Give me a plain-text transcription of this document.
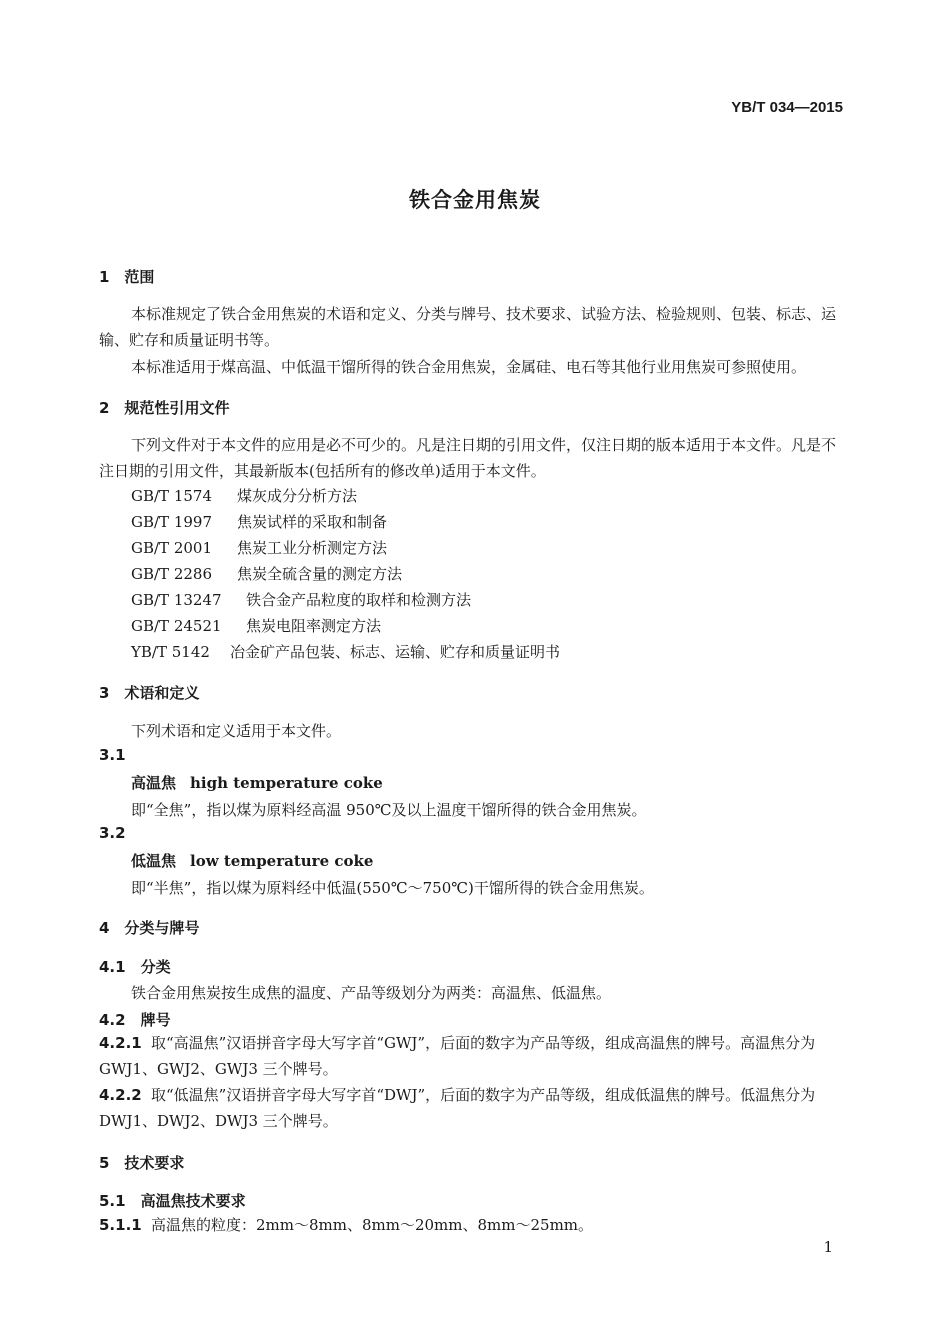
YB/T 034—2015
铁合金用焦炭
1　范围
本标准规定了铁合金用焦炭的术语和定义、分类与牌号、技术要求、试验方法、检验规则、包装、标志、运输、贮存和质量证明书等。
本标准适用于煤高温、中低温干馏所得的铁合金用焦炭，金属硅、电石等其他行业用焦炭可参照使用。
2　规范性引用文件
下列文件对于本文件的应用是必不可少的。凡是注日期的引用文件，仅注日期的版本适用于本文件。凡是不注日期的引用文件，其最新版本(包括所有的修改单)适用于本文件。
GB/T 1574 煤灰成分分析方法
GB/T 1997 焦炭试样的采取和制备
GB/T 2001 焦炭工业分析测定方法
GB/T 2286 焦炭全硫含量的测定方法
GB/T 13247 铁合金产品粒度的取样和检测方法
GB/T 24521 焦炭电阻率测定方法
YB/T 5142 冶金矿产品包装、标志、运输、贮存和质量证明书
3　术语和定义
下列术语和定义适用于本文件。
3.1
高温焦 high temperature coke
即“全焦”，指以煤为原料经高温 950℃及以上温度干馏所得的铁合金用焦炭。
3.2
低温焦 low temperature coke
即“半焦”，指以煤为原料经中低温(550℃～750℃)干馏所得的铁合金用焦炭。
4　分类与牌号
4.1　分类
铁合金用焦炭按生成焦的温度、产品等级划分为两类：高温焦、低温焦。
4.2　牌号
4.2.1 取“高温焦”汉语拼音字母大写字首“GWJ”，后面的数字为产品等级，组成高温焦的牌号。高温焦分为 GWJ1、GWJ2、GWJ3 三个牌号。
4.2.2 取“低温焦”汉语拼音字母大写字首“DWJ”，后面的数字为产品等级，组成低温焦的牌号。低温焦分为 DWJ1、DWJ2、DWJ3 三个牌号。
5　技术要求
5.1　高温焦技术要求
5.1.1 高温焦的粒度：2mm～8mm、8mm～20mm、8mm～25mm。
1
